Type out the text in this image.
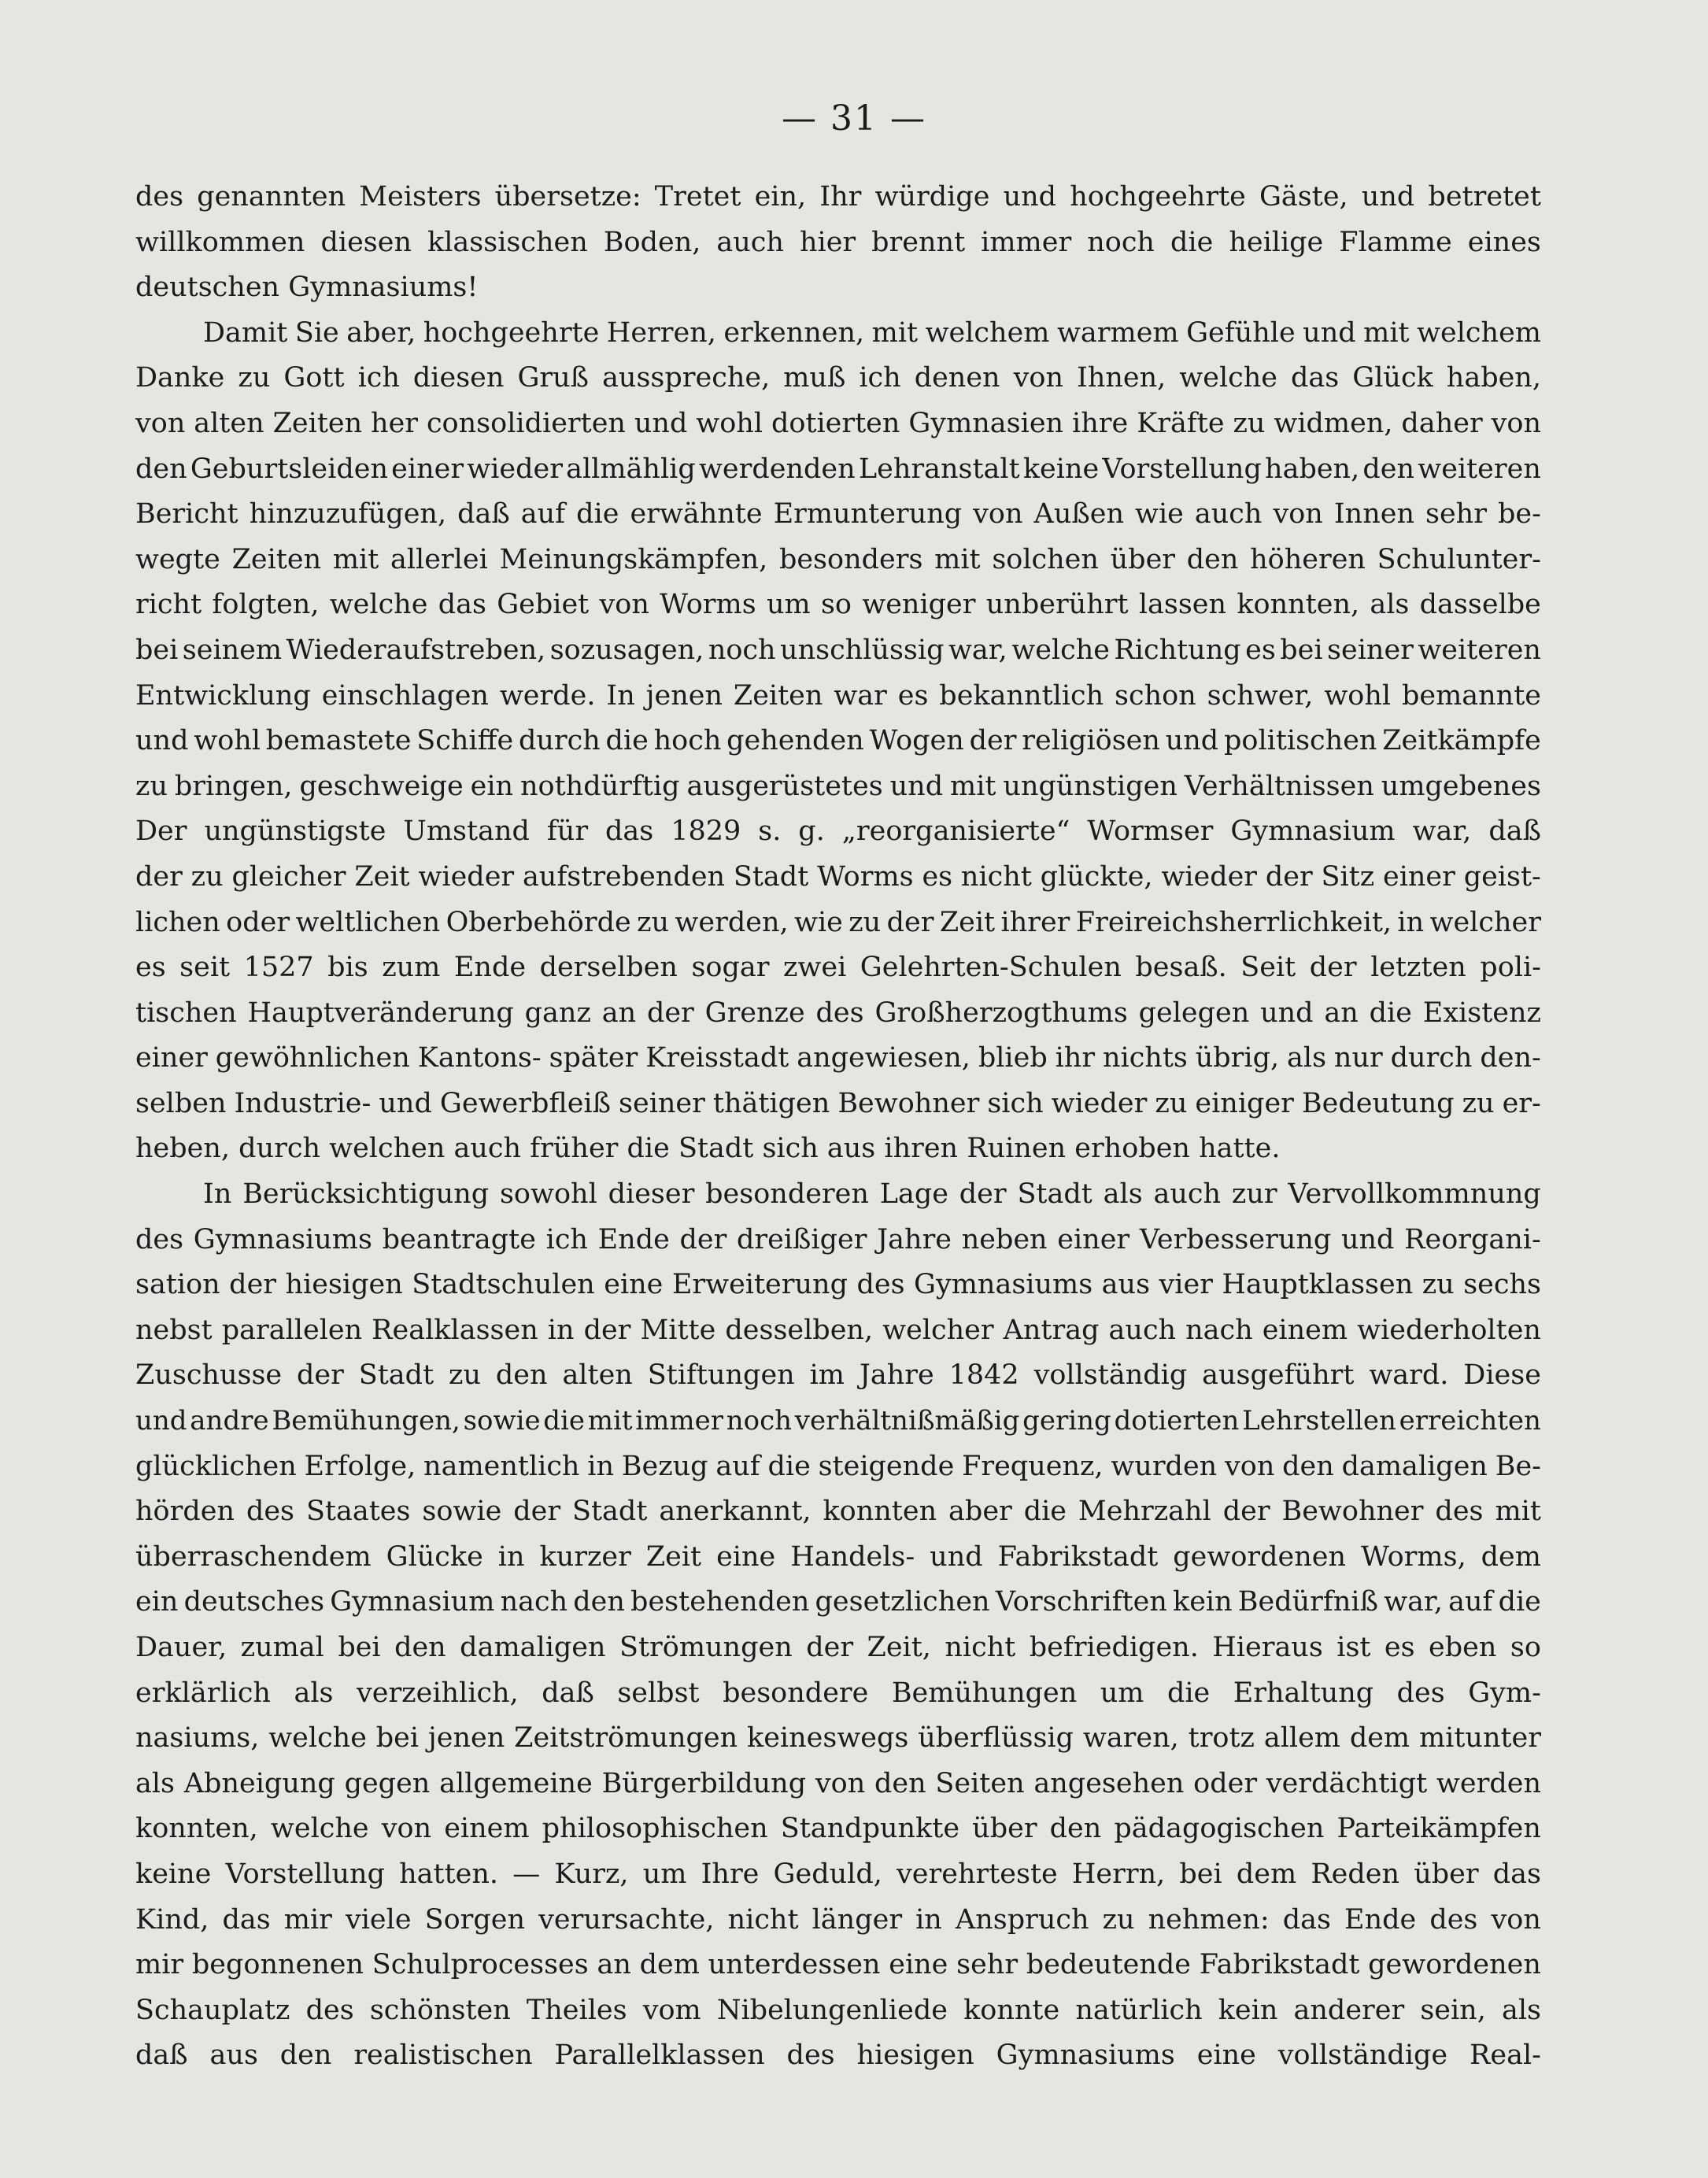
— 31 —
des genannten Meisters übersetze: Tretet ein, Ihr würdige und hochgeehrte Gäste, und betretet
willkommen diesen klassischen Boden, auch hier brennt immer noch die heilige Flamme eines
deutschen Gymnasiums!
Damit Sie aber, hochgeehrte Herren, erkennen, mit welchem warmem Gefühle und mit welchem
Danke zu Gott ich diesen Gruß ausspreche, muß ich denen von Ihnen, welche das Glück haben,
von alten Zeiten her consolidierten und wohl dotierten Gymnasien ihre Kräfte zu widmen, daher von
den Geburtsleiden einer wieder allmählig werdenden Lehranstalt keine Vorstellung haben, den weiteren
Bericht hinzuzufügen, daß auf die erwähnte Ermunterung von Außen wie auch von Innen sehr be-
wegte Zeiten mit allerlei Meinungskämpfen, besonders mit solchen über den höheren Schulunter-
richt folgten, welche das Gebiet von Worms um so weniger unberührt lassen konnten, als dasselbe
bei seinem Wiederaufstreben, sozusagen, noch unschlüssig war, welche Richtung es bei seiner weiteren
Entwicklung einschlagen werde. In jenen Zeiten war es bekanntlich schon schwer, wohl bemannte
und wohl bemastete Schiffe durch die hoch gehenden Wogen der religiösen und politischen Zeitkämpfe
zu bringen, geschweige ein nothdürftig ausgerüstetes und mit ungünstigen Verhältnissen umgebenes
Der ungünstigste Umstand für das 1829 s. g. „reorganisierte“ Wormser Gymnasium war, daß
der zu gleicher Zeit wieder aufstrebenden Stadt Worms es nicht glückte, wieder der Sitz einer geist-
lichen oder weltlichen Oberbehörde zu werden, wie zu der Zeit ihrer Freireichsherrlichkeit, in welcher
es seit 1527 bis zum Ende derselben sogar zwei Gelehrten-Schulen besaß. Seit der letzten poli-
tischen Hauptveränderung ganz an der Grenze des Großherzogthums gelegen und an die Existenz
einer gewöhnlichen Kantons- später Kreisstadt angewiesen, blieb ihr nichts übrig, als nur durch den-
selben Industrie- und Gewerbfleiß seiner thätigen Bewohner sich wieder zu einiger Bedeutung zu er-
heben, durch welchen auch früher die Stadt sich aus ihren Ruinen erhoben hatte.
In Berücksichtigung sowohl dieser besonderen Lage der Stadt als auch zur Vervollkommnung
des Gymnasiums beantragte ich Ende der dreißiger Jahre neben einer Verbesserung und Reorgani-
sation der hiesigen Stadtschulen eine Erweiterung des Gymnasiums aus vier Hauptklassen zu sechs
nebst parallelen Realklassen in der Mitte desselben, welcher Antrag auch nach einem wiederholten
Zuschusse der Stadt zu den alten Stiftungen im Jahre 1842 vollständig ausgeführt ward. Diese
und andre Bemühungen, sowie die mit immer noch verhältnißmäßig gering dotierten Lehrstellen erreichten
glücklichen Erfolge, namentlich in Bezug auf die steigende Frequenz, wurden von den damaligen Be-
hörden des Staates sowie der Stadt anerkannt, konnten aber die Mehrzahl der Bewohner des mit
überraschendem Glücke in kurzer Zeit eine Handels- und Fabrikstadt gewordenen Worms, dem
ein deutsches Gymnasium nach den bestehenden gesetzlichen Vorschriften kein Bedürfniß war, auf die
Dauer, zumal bei den damaligen Strömungen der Zeit, nicht befriedigen. Hieraus ist es eben so
erklärlich als verzeihlich, daß selbst besondere Bemühungen um die Erhaltung des Gym-
nasiums, welche bei jenen Zeitströmungen keineswegs überflüssig waren, trotz allem dem mitunter
als Abneigung gegen allgemeine Bürgerbildung von den Seiten angesehen oder verdächtigt werden
konnten, welche von einem philosophischen Standpunkte über den pädagogischen Parteikämpfen
keine Vorstellung hatten. — Kurz, um Ihre Geduld, verehrteste Herrn, bei dem Reden über das
Kind, das mir viele Sorgen verursachte, nicht länger in Anspruch zu nehmen: das Ende des von
mir begonnenen Schulprocesses an dem unterdessen eine sehr bedeutende Fabrikstadt gewordenen
Schauplatz des schönsten Theiles vom Nibelungenliede konnte natürlich kein anderer sein, als
daß aus den realistischen Parallelklassen des hiesigen Gymnasiums eine vollständige Real-
